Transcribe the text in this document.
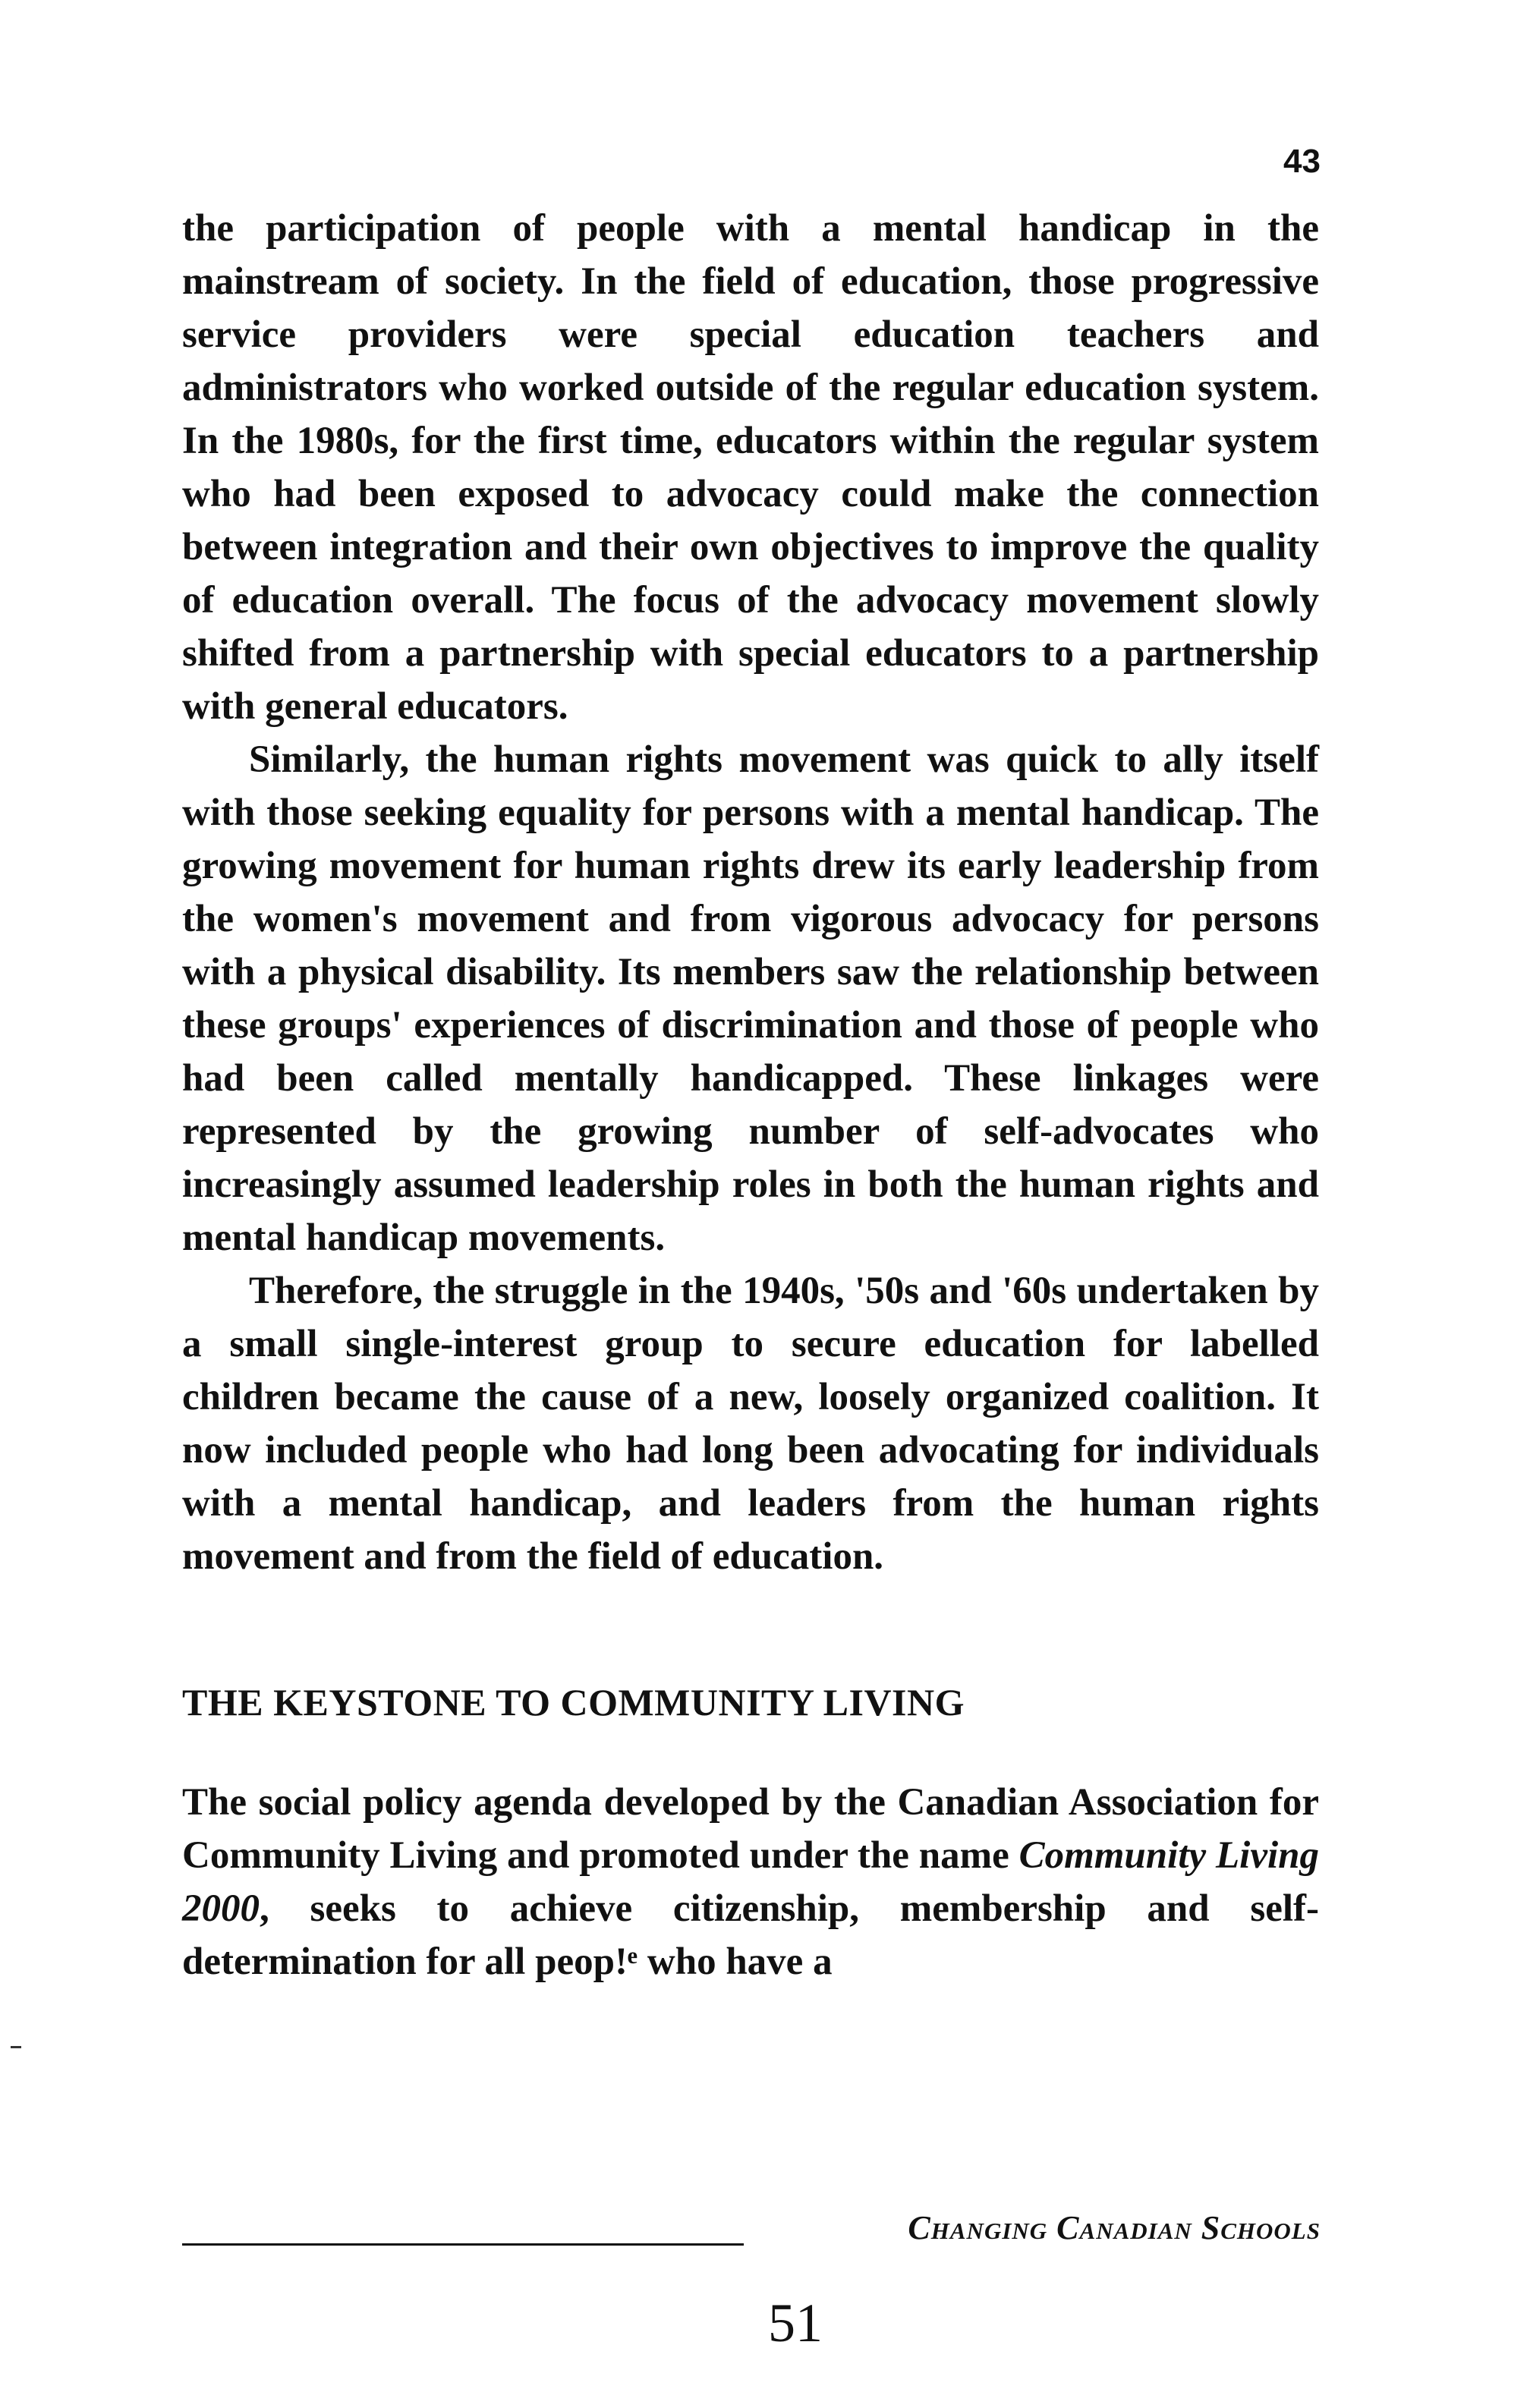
43

the participation of people with a mental handicap in the mainstream of society. In the field of education, those progressive service providers were special education teachers and administrators who worked outside of the regular education system. In the 1980s, for the first time, educators within the regular system who had been exposed to advocacy could make the connection between integration and their own objectives to improve the quality of education overall. The focus of the advocacy movement slowly shifted from a partnership with special educators to a partnership with general educators.

Similarly, the human rights movement was quick to ally itself with those seeking equality for persons with a mental handicap. The growing movement for human rights drew its early leadership from the women's movement and from vigorous advocacy for persons with a physical disability. Its members saw the relationship between these groups' experiences of discrimination and those of people who had been called mentally handicapped. These linkages were represented by the growing number of self-advocates who increasingly assumed leadership roles in both the human rights and mental handicap movements.

Therefore, the struggle in the 1940s, '50s and '60s undertaken by a small single-interest group to secure education for labelled children became the cause of a new, loosely organized coalition. It now included people who had long been advocating for individuals with a mental handicap, and leaders from the human rights movement and from the field of education.

THE KEYSTONE TO COMMUNITY LIVING

The social policy agenda developed by the Canadian Association for Community Living and promoted under the name Community Living 2000, seeks to achieve citizenship, membership and self-determination for all peop!ᵉ who have a

Changing Canadian Schools
51
